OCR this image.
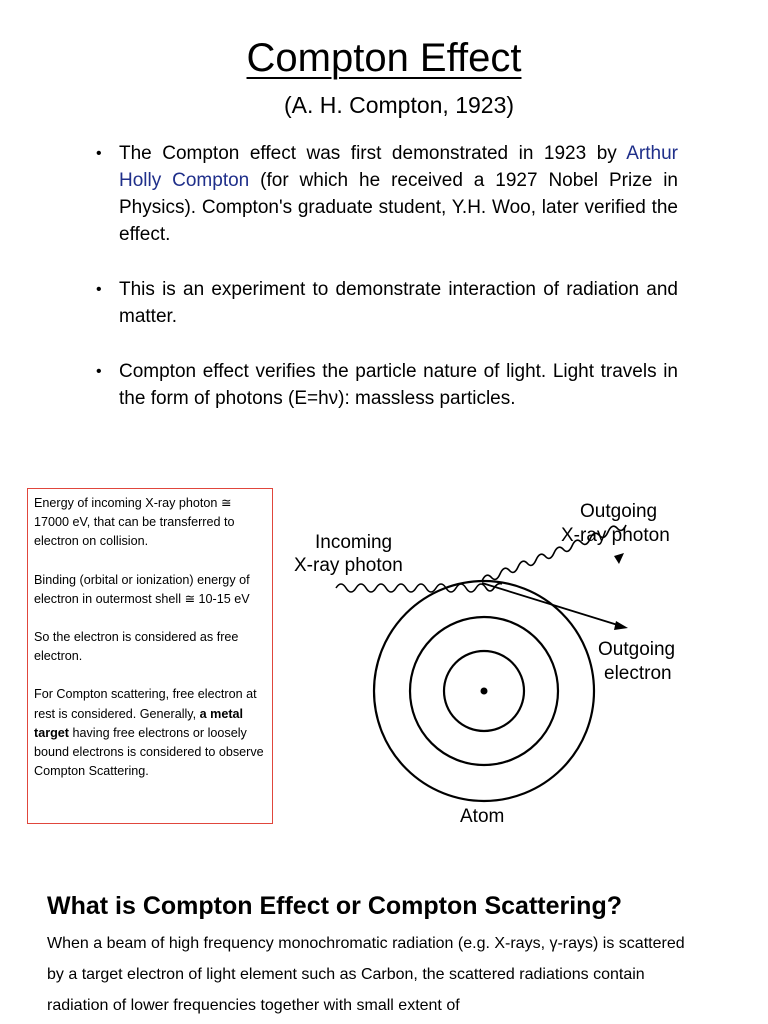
Compton Effect
(A. H. Compton, 1923)
• The Compton effect was first demonstrated in 1923 by Arthur Holly Compton (for which he received a 1927 Nobel Prize in Physics). Compton's graduate student, Y.H. Woo, later verified the effect.
• This is an experiment to demonstrate interaction of radiation and matter.
• Compton effect verifies the particle nature of light. Light travels in the form of photons (E=hν): massless particles.

Energy of incoming X-ray photon ≅ 17000 eV, that can be transferred to electron on collision.

Binding (orbital or ionization) energy of electron in outermost shell ≅ 10-15 eV

So the electron is considered as free electron.

For Compton scattering, free electron at rest is considered. Generally, a metal target having free electrons or loosely bound electrons is considered to observe Compton Scattering.

Incoming
X-ray photon
Outgoing
X-ray photon
Outgoing
electron
Atom
What is Compton Effect or Compton Scattering?

When a beam of high frequency monochromatic radiation (e.g. X-rays, γ-rays) is scattered by a target electron of light element such as Carbon, the scattered radiations contain radiation of lower frequencies together with small extent of
